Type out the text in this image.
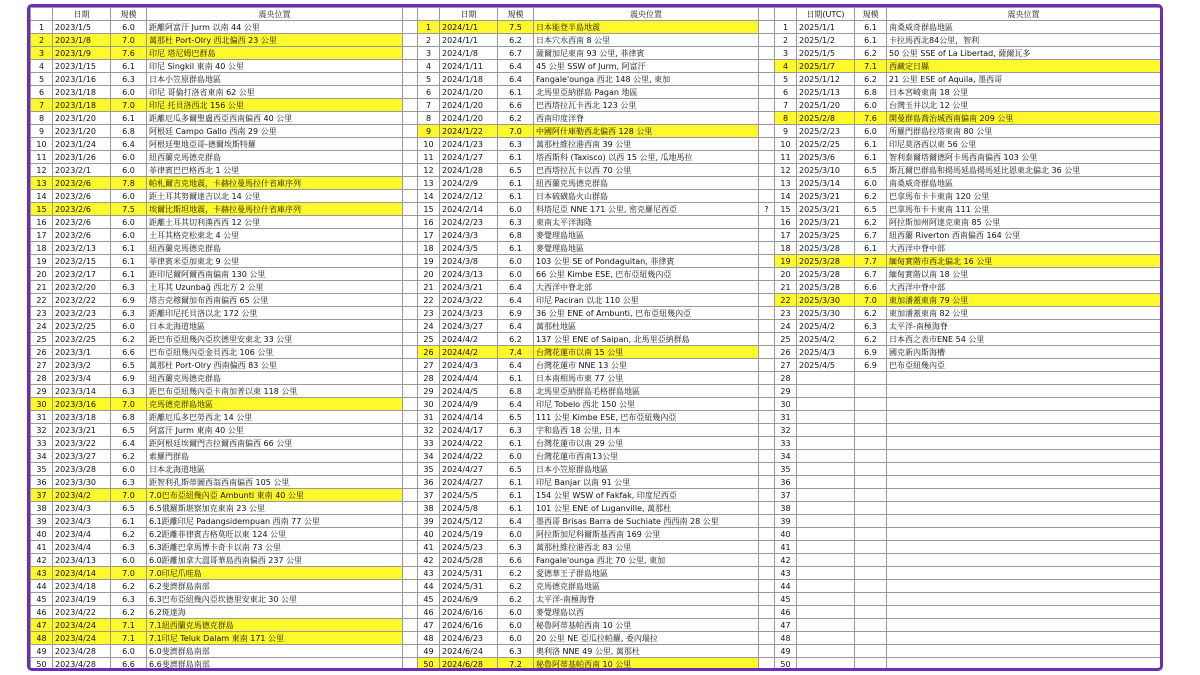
	日期	規模	震央位置			日期	規模	震央位置			日期(UTC)	規模	震央位置
1	2023/1/5	6.0	距離阿富汗 Jurm 以南 44 公里		1	2024/1/1	7.5	日本能登半島地震		1	2025/1/1	6.1	南桑威奇群島地區
2	2023/1/8	7.0	萬那杜 Port-Olry 西北偏西 23 公里		2	2024/1/1	6.2	日本穴水西南 8 公里		2	2025/1/2	6.1	卡拉馬西北84公里，智利
3	2023/1/9	7.6	印尼 塔尼姆巴群島		3	2024/1/8	6.7	薩爾加尼東南 93 公里, 菲律賓		3	2025/1/5	6.2	50 公里 SSE of La Libertad, 薩爾瓦多
4	2023/1/15	6.1	印尼 Singkil 東南 40 公里		4	2024/1/11	6.4	45 公里 SSW of Jurm, 阿富汗		4	2025/1/7	7.1	西藏定日縣
5	2023/1/16	6.3	日本小笠原群島地區		5	2024/1/18	6.4	Fangale'ounga 西北 148 公里, 東加		5	2025/1/12	6.2	21 公里 ESE of Aquila, 墨西哥
6	2023/1/18	6.0	印尼 哥倫打洛省東南 62 公里		6	2024/1/20	6.1	北馬里亞納群島 Pagan 地區		6	2025/1/13	6.8	日本宮崎東南 18 公里
7	2023/1/18	7.0	印尼 托貝洛西北 156 公里		7	2024/1/20	6.6	巴西塔拉瓦卡西北 123 公里		7	2025/1/20	6.0	台灣玉井以北 12 公里
8	2023/1/20	6.1	距離厄瓜多爾聖盧西亞西南偏西 40 公里		8	2024/1/20	6.2	西南印度洋脊		8	2025/2/8	7.6	開曼群島喬治城西南偏南 209 公里
9	2023/1/20	6.8	阿根廷 Campo Gallo 西南 29 公里		9	2024/1/22	7.0	中國阿什庫勒西北偏西 128 公里		9	2025/2/23	6.0	所羅門群島拉塔東南 80 公里
10	2023/1/24	6.4	阿根廷聖地亞哥-德爾埃斯特羅		10	2024/1/23	6.3	萬那杜維拉港西南 39 公里		10	2025/2/25	6.1	印尼莫洛西以東 56 公里
11	2023/1/26	6.0	紐西蘭克馬德克群島		11	2024/1/27	6.1	塔西斯科 (Taxisco) 以西 15 公里, 瓜地馬拉		11	2025/3/6	6.1	智利泰爾塔爾德阿卡馬西南偏西 103 公里
12	2023/2/1	6.0	菲律賓巴巴格西北 1 公里		12	2024/1/28	6.5	巴西塔拉瓦卡以西 70 公里		12	2025/3/10	6.5	斯瓦爾巴群島和揚馬延島揚馬延比恩東北偏北 36 公里
13	2023/2/6	7.8	帕札爾吉克地震，卡赫拉曼馬拉什省庫序列		13	2024/2/9	6.1	紐西蘭克馬德克群島		13	2025/3/14	6.0	南桑威奇群島地區
14	2023/2/6	6.0	距土耳其努爾達吉以北 14 公里		14	2024/2/12	6.1	日本硫磺島火山群島		14	2025/3/21	6.2	巴拿馬布卡卡東南 120 公里
15	2023/2/6	7.5	埃爾比斯坦地震，卡赫拉曼馬拉什省庫序列		15	2024/2/14	6.0	科塔尼亞 NNE 171 公里, 密克羅尼西亞	?	15	2025/3/21	6.5	巴拿馬布卡卡東南 111 公里
16	2023/2/6	6.0	距離土耳其切利漢西西 12 公里		16	2024/2/23	6.3	東南太平洋海隆		16	2025/3/21	6.2	阿拉斯加州阿達克東南 85 公里
17	2023/2/6	6.0	土耳其格克松東北 4 公里		17	2024/3/3	6.8	麥覺理島地區		17	2025/3/25	6.7	紐西蘭 Riverton 西南偏西 164 公里
18	2023/2/13	6.1	紐西蘭克馬德克群島		18	2024/3/5	6.1	麥覺理島地區		18	2025/3/28	6.1	大西洋中脊中部
19	2023/2/15	6.1	菲律賓米亞加東北 9 公里		19	2024/3/8	6.0	103 公里 SE of Pondaguitan, 菲律賓		19	2025/3/28	7.7	緬甸實階市西北偏北 16 公里
20	2023/2/17	6.1	距印尼爾阿爾西南偏南 130 公里		20	2024/3/13	6.0	66 公里 Kimbe ESE, 巴布亞紐幾內亞		20	2025/3/28	6.7	緬甸實階以南 18 公里
21	2023/2/20	6.3	土耳其 Uzunbağ 西北方 2 公里		21	2024/3/21	6.4	大西洋中脊北部		21	2025/3/28	6.6	大西洋中脊中部
22	2023/2/22	6.9	塔吉克穆爾加布西南偏西 65 公里		22	2024/3/22	6.4	印尼 Paciran 以北 110 公里		22	2025/3/30	7.0	東加潘蓋東南 79 公里
23	2023/2/23	6.3	距離印尼托貝洛以北 172 公里		23	2024/3/23	6.9	36 公里 ENE of Ambunti, 巴布亞紐幾內亞		23	2025/3/30	6.2	東加潘蓋東南 82 公里
24	2023/2/25	6.0	日本北海道地區		24	2024/3/27	6.4	萬那杜地區		24	2025/4/2	6.3	太平洋-南極海脊
25	2023/2/25	6.2	距巴布亞紐幾內亞坎德里安東北 33 公里		25	2024/4/2	6.2	137 公里 ENE of Saipan, 北馬里亞納群島		25	2025/4/2	6.2	日本西之表市ENE 54 公里
26	2023/3/1	6.6	巴布亞紐幾內亞金貝西北 106 公里		26	2024/4/2	7.4	台灣花蓮市以南 15 公里		26	2025/4/3	6.9	國克新內斯海槽
27	2023/3/2	6.5	萬那杜 Port-Olry 西南偏西 83 公里		27	2024/4/3	6.4	台灣花蓮市 NNE 13 公里		27	2025/4/5	6.9	巴布亞紐幾內亞
28	2023/3/4	6.9	紐西蘭克馬德克群島		28	2024/4/4	6.1	日本南相馬市東 77 公里		28			
29	2023/3/14	6.3	距巴布亞紐幾內亞卡南加普以東 118 公里		29	2024/4/5	6.8	北馬里亞納群島毛格群島地區		29			
30	2023/3/16	7.0	克馬德克群島地區		30	2024/4/9	6.4	印尼 Tobelo 西北 150 公里		30			
31	2023/3/18	6.8	距離厄瓜多巴勞西北 14 公里		31	2024/4/14	6.5	111 公里 Kimbe ESE, 巴布亞紐幾內亞		31			
32	2023/3/21	6.5	阿富汗 Jurm 東南 40 公里		32	2024/4/17	6.3	宇和島西 18 公里, 日本		32			
33	2023/3/22	6.4	距阿根廷埃爾門吉拉爾西南偏西 66 公里		33	2024/4/22	6.1	台灣花蓮市以南 29 公里		33			
34	2023/3/27	6.2	索羅門群島		34	2024/4/22	6.0	台灣花蓮市西南13公里		34			
35	2023/3/28	6.0	日本北海道地區		35	2024/4/27	6.5	日本小笠原群島地區		35			
36	2023/3/30	6.3	距智利孔斯蒂圖西翁西南偏西 105 公里		36	2024/4/27	6.1	印尼 Banjar 以南 91 公里		36			
37	2023/4/2	7.0	7.0巴布亞紐幾內亞 Ambunti 東南 40 公里		37	2024/5/5	6.1	154 公里 WSW of Fakfak, 印度尼西亞		37			
38	2023/4/3	6.5	6.5俄羅斯堪察加克東南 23 公里		38	2024/5/8	6.1	101 公里 ENE of Luganville, 萬那杜		38			
39	2023/4/3	6.1	6.1距離印尼 Padangsidempuan 西南 77 公里		39	2024/5/12	6.4	墨西哥 Brisas Barra de Suchiate 西西南 28 公里		39			
40	2023/4/4	6.2	6.2距離菲律賓吉格莫旺以東 124 公里		40	2024/5/19	6.0	阿拉斯加尼科爾斯基西南 169 公里		40			
41	2023/4/4	6.3	6.3距離巴拿馬博卡奇卡以南 73 公里		41	2024/5/23	6.3	萬那杜維拉港西北 83 公里		41			
42	2023/4/13	6.0	6.0距離加拿大溫哥華島西南偏西 237 公里		42	2024/5/28	6.6	Fangale'ounga 西北 70 公里, 東加		42			
43	2023/4/14	7.0	7.0印尼爪哇島		43	2024/5/31	6.2	愛德華王子群島地區		43			
44	2023/4/18	6.2	6.2斐濟群島南部		44	2024/5/31	6.2	克馬德克群島地區		44			
45	2023/4/19	6.3	6.3巴布亞紐幾內亞坎德里安東北 30 公里		45	2024/6/9	6.2	太平洋-南極海脊		45			
46	2023/4/22	6.2	6.2斑達海		46	2024/6/16	6.0	麥覺理島以西		46			
47	2023/4/24	7.1	7.1紐西蘭克馬德克群島		47	2024/6/16	6.0	秘魯阿蒂基帕西南 10 公里		47			
48	2023/4/24	7.1	7.1印尼 Teluk Dalam 東南 171 公里		48	2024/6/23	6.0	20 公里 NE 亞瓜拉帕羅, 委內瑞拉		48			
49	2023/4/28	6.0	6.0斐濟群島南部		49	2024/6/24	6.3	奧利洛 NNE 49 公里, 萬那杜		49			
50	2023/4/28	6.6	6.6斐濟群島南部		50	2024/6/28	7.2	秘魯阿蒂基帕西南 10 公里		50			
